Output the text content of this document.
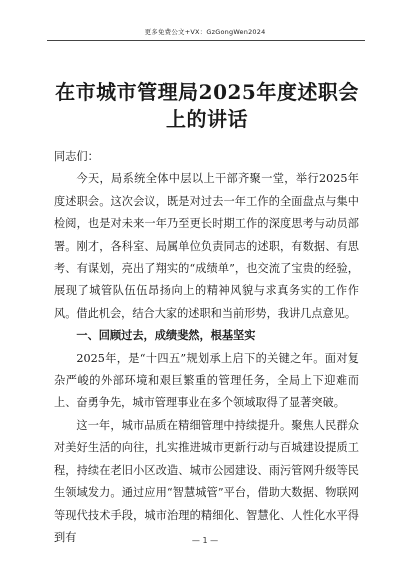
更多免费公文+VX：GzGongWen2024
在市城市管理局2025年度述职会上的讲话

同志们：

今天，局系统全体中层以上干部齐聚一堂，举行2025年度述职会。这次会议，既是对过去一年工作的全面盘点与集中检阅，也是对未来一年乃至更长时期工作的深度思考与动员部署。刚才，各科室、局属单位负责同志的述职，有数据、有思考、有谋划，亮出了翔实的“成绩单”，也交流了宝贵的经验，展现了城管队伍伍昂扬向上的精神风貌与求真务实的工作作风。借此机会，结合大家的述职和当前形势，我讲几点意见。

一、回顾过去，成绩斐然，根基坚实

2025年，是“十四五”规划承上启下的关键之年。面对复杂严峻的外部环境和艰巨繁重的管理任务，全局上下迎难而上、奋勇争先，城市管理事业在多个领域取得了显著突破。

这一年，城市品质在精细管理中持续提升。聚焦人民群众对美好生活的向往，扎实推进城市更新行动与百城建设提质工程，持续在老旧小区改造、城市公园建设、雨污管网升级等民生领域发力。通过应用“智慧城管”平台，借助大数据、物联网等现代技术手段，城市治理的精细化、智慧化、人性化水平得到有	— 1 —
